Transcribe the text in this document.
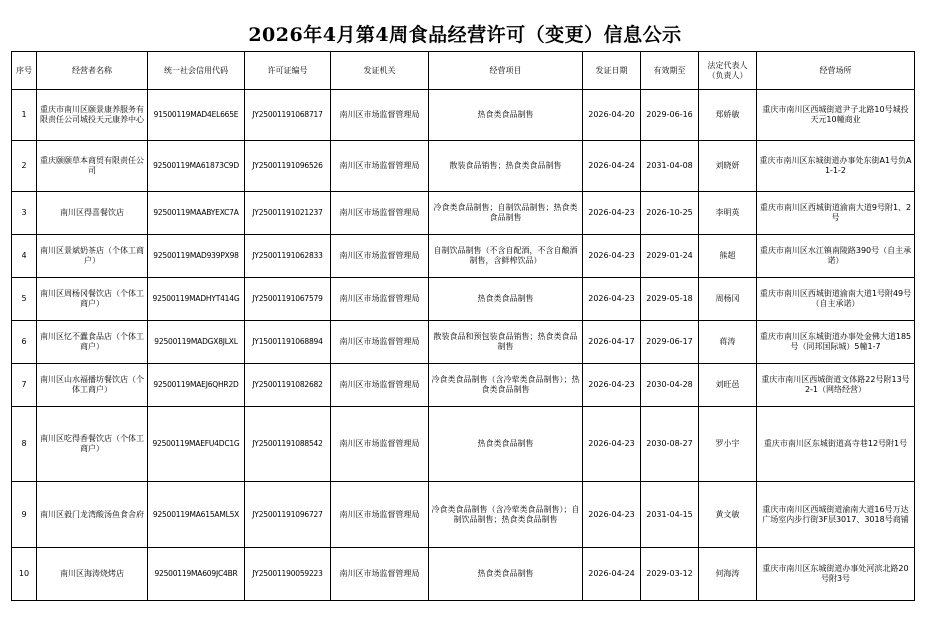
2026年4月第4周食品经营许可（变更）信息公示
序号	经营者名称	统一社会信用代码	许可证编号	发证机关	经营项目	发证日期	有效期至	法定代表人（负责人）	经营场所
1	重庆市南川区颐景康养服务有限责任公司城投天元康养中心	91500119MAD4EL665E	JY25001191068717	南川区市场监督管理局	热食类食品制售	2026-04-20	2029-06-16	郑娇敏	重庆市南川区西城街道尹子北路10号城投天元10幢商业
2	重庆颐颐草本商贸有限责任公司	92500119MA61873C9D	JY25001191096526	南川区市场监督管理局	散装食品销售；热食类食品制售	2026-04-24	2031-04-08	刘晓妍	重庆市南川区东城街道办事处东街A1号负A1-1-2
3	南川区得喜餐饮店	92500119MAABYEXC7A	JY25001191021237	南川区市场监督管理局	冷食类食品制售；自制饮品制售；热食类食品制售	2026-04-23	2026-10-25	李明英	重庆市南川区西城街道渝南大道9号附1、2号
4	南川区景斌奶茶店（个体工商户）	92500119MAD939PX98	JY25001191062833	南川区市场监督管理局	自制饮品制售（不含自配酒，不含自酿酒制售，含鲜榨饮品）	2026-04-23	2029-01-24	熊超	重庆市南川区水江镇南陵路390号（自主承诺）
5	南川区周杨冈餐饮店（个体工商户）	92500119MADHYT414G	JY25001191067579	南川区市场监督管理局	热食类食品制售	2026-04-23	2029-05-18	周杨冈	重庆市南川区西城街道渝南大道1号附49号（自主承诺）
6	南川区忆不蠹食品店（个体工商户）	92500119MADGX8JLXL	JY15001191068894	南川区市场监督管理局	散装食品和预包装食品销售；热食类食品制售	2026-04-17	2029-06-17	蒋涛	重庆市南川区东城街道办事处金佛大道185号（同邦国际城）5幢1-7
7	南川区山水福播坊餐饮店（个体工商户）	92500119MAEJ6QHR2D	JY25001191082682	南川区市场监督管理局	冷食类食品制售（含冷荤类食品制售）；热食类食品制售	2026-04-23	2030-04-28	刘旺邑	重庆市南川区西城街道文体路22号附13号2-1（网络经营）
8	南川区吃得香餐饮店（个体工商户）	92500119MAEFU4DC1G	JY25001191088542	南川区市场监督管理局	热食类食品制售	2026-04-23	2030-08-27	罗小宇	重庆市南川区东城街道高寺巷12号附1号
9	南川区毅门龙湾酸汤鱼食舍府	92500119MA615AML5X	JY25001191096727	南川区市场监督管理局	冷食类食品制售（含冷荤类食品制售）；自制饮品制售；热食类食品制售	2026-04-23	2031-04-15	黄文敏	重庆市南川区西城街道渝南大道16号万达广场室内步行街3F层3017、3018号商铺
10	南川区海涛烧烤店	92500119MA609JC4BR	JY25001190059223	南川区市场监督管理局	热食类食品制售	2026-04-24	2029-03-12	何海涛	重庆市南川区东城街道办事处河滨北路20号附3号
